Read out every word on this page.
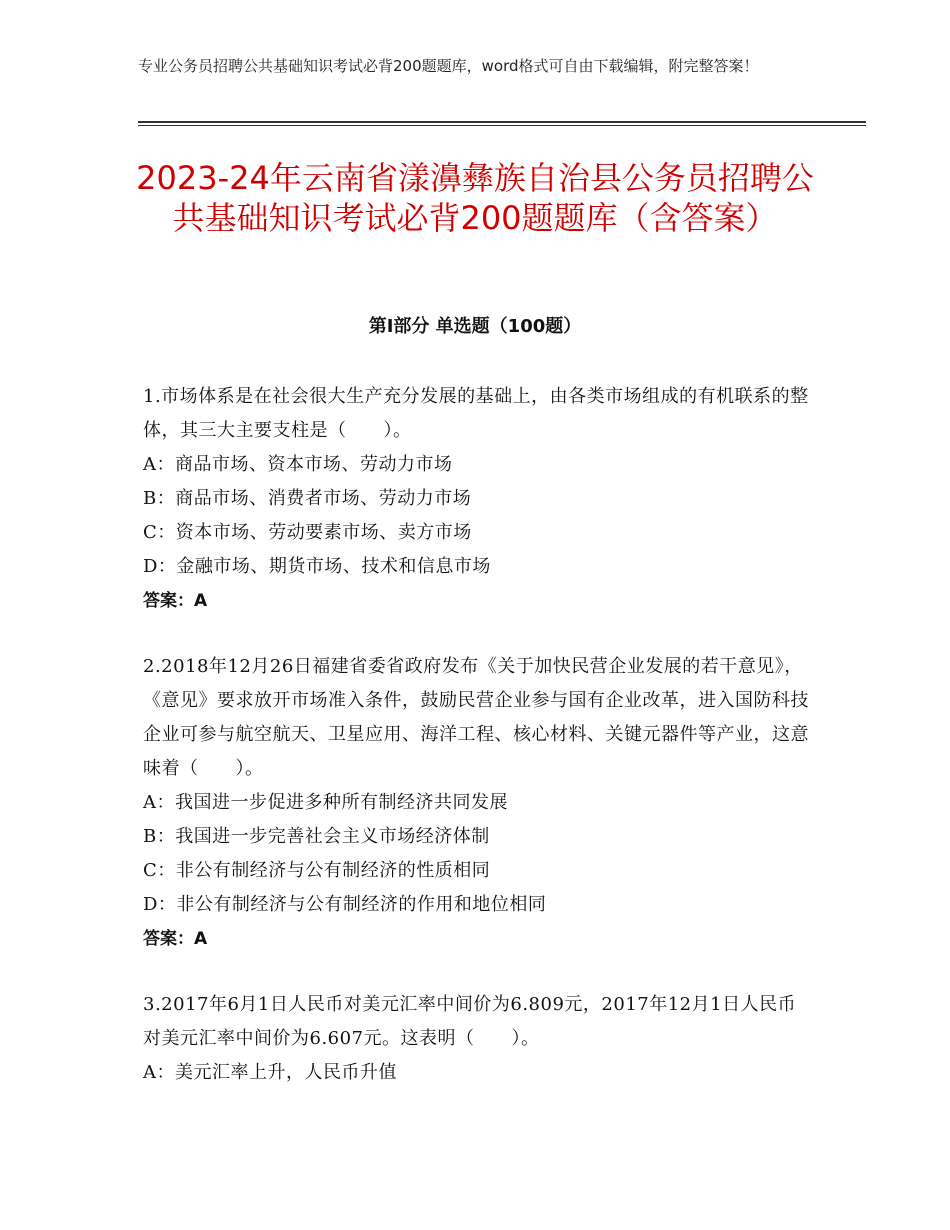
专业公务员招聘公共基础知识考试必背200题题库，word格式可自由下载编辑，附完整答案！
2023-24年云南省漾濞彝族自治县公务员招聘公共基础知识考试必背200题题库（含答案）
第Ⅰ部分 单选题（100题）

1.市场体系是在社会很大生产充分发展的基础上，由各类市场组成的有机联系的整体，其三大主要支柱是（　　）。

A：商品市场、资本市场、劳动力市场

B：商品市场、消费者市场、劳动力市场

C：资本市场、劳动要素市场、卖方市场

D：金融市场、期货市场、技术和信息市场

答案：A

2.2018年12月26日福建省委省政府发布《关于加快民营企业发展的若干意见》，《意见》要求放开市场准入条件，鼓励民营企业参与国有企业改革，进入国防科技企业可参与航空航天、卫星应用、海洋工程、核心材料、关键元器件等产业，这意味着（　　）。

A：我国进一步促进多种所有制经济共同发展

B：我国进一步完善社会主义市场经济体制

C：非公有制经济与公有制经济的性质相同

D：非公有制经济与公有制经济的作用和地位相同

答案：A

3.2017年6月1日人民币对美元汇率中间价为6.809元，2017年12月1日人民币对美元汇率中间价为6.607元。这表明（　　）。

A：美元汇率上升，人民币升值
